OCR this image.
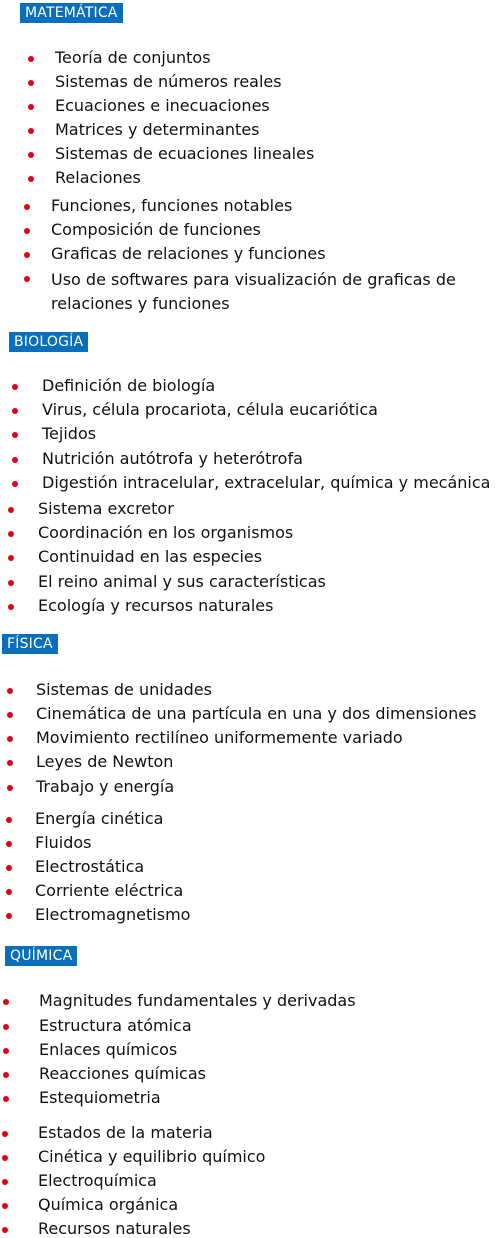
MATEMÁTICA
BIOLOGÍA
FÍSICA
QUÍMICA
Teoría de conjuntos
Sistemas de números reales
Ecuaciones e inecuaciones
Matrices y determinantes
Sistemas de ecuaciones lineales
Relaciones
Funciones, funciones notables
Composición de funciones
Graficas de relaciones y funciones
Uso de softwares para visualización de graficas de relaciones y funciones
Definición de biología
Virus, célula procariota, célula eucariótica
Tejidos
Nutrición autótrofa y heterótrofa
Digestión intracelular, extracelular, química y mecánica
Sistema excretor
Coordinación en los organismos
Continuidad en las especies
El reino animal y sus características
Ecología y recursos naturales
Sistemas de unidades
Cinemática de una partícula en una y dos dimensiones
Movimiento rectilíneo uniformemente variado
Leyes de Newton
Trabajo y energía
Energía cinética
Fluidos
Electrostática
Corriente eléctrica
Electromagnetismo
Magnitudes fundamentales y derivadas
Estructura atómica
Enlaces químicos
Reacciones químicas
Estequiometria
Estados de la materia
Cinética y equilibrio químico
Electroquímica
Química orgánica
Recursos naturales
